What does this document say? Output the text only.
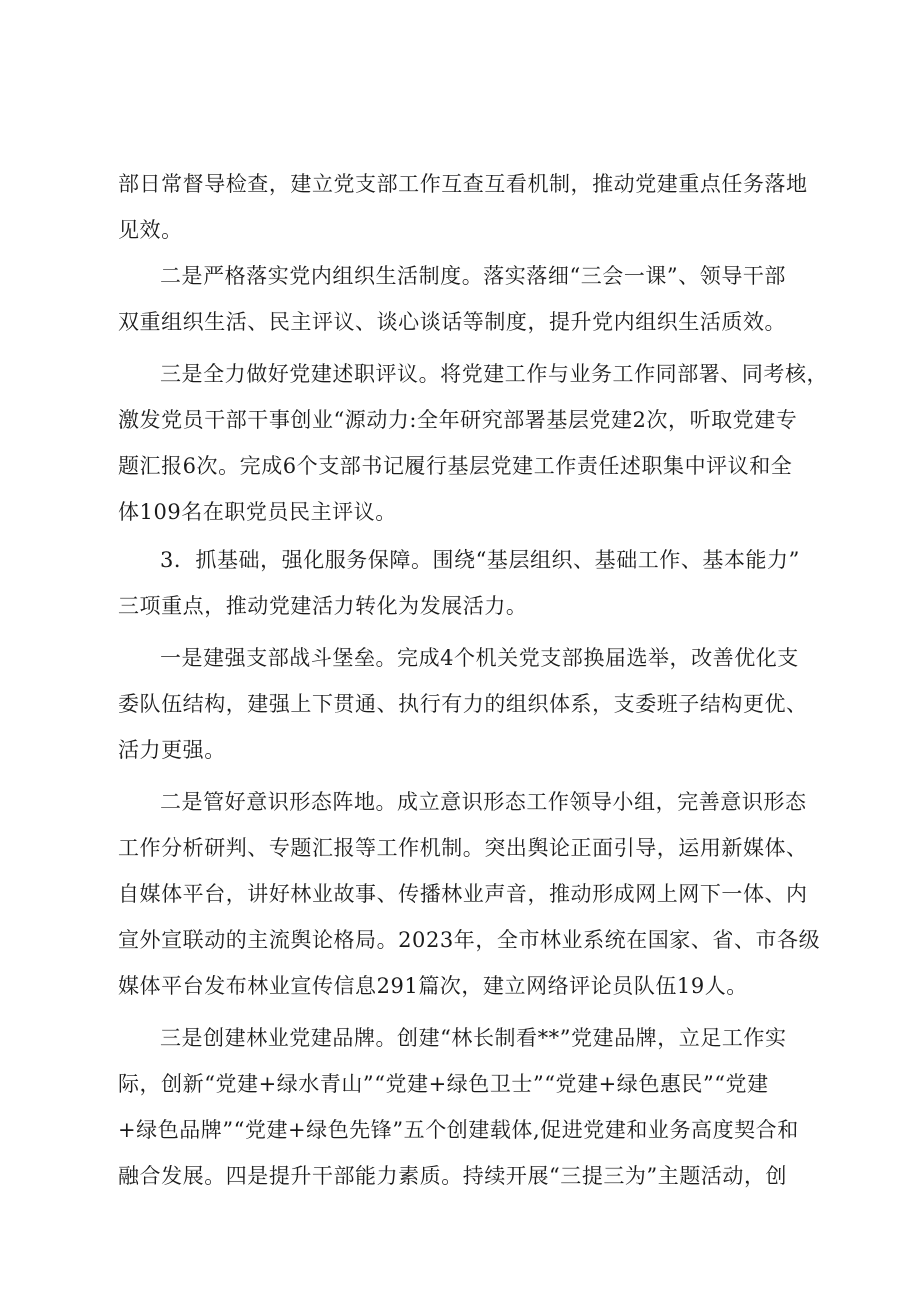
部日常督导检查，建立党支部工作互查互看机制，推动党建重点任务落地

见效。

二是严格落实党内组织生活制度。落实落细“三会一课”、领导干部

双重组织生活、民主评议、谈心谈话等制度，提升党内组织生活质效。

三是全力做好党建述职评议。将党建工作与业务工作同部署、同考核，

激发党员干部干事创业“源动力:全年研究部署基层党建2次，听取党建专

题汇报6次。完成6个支部书记履行基层党建工作责任述职集中评议和全

体109名在职党员民主评议。

3．抓基础，强化服务保障。围绕“基层组织、基础工作、基本能力”

三项重点，推动党建活力转化为发展活力。

一是建强支部战斗堡垒。完成4个机关党支部换届选举，改善优化支

委队伍结构，建强上下贯通、执行有力的组织体系，支委班子结构更优、

活力更强。

二是管好意识形态阵地。成立意识形态工作领导小组，完善意识形态

工作分析研判、专题汇报等工作机制。突出舆论正面引导，运用新媒体、

自媒体平台，讲好林业故事、传播林业声音，推动形成网上网下一体、内

宣外宣联动的主流舆论格局。2023年，全市林业系统在国家、省、市各级

媒体平台发布林业宣传信息291篇次，建立网络评论员队伍19人。

三是创建林业党建品牌。创建“林长制看**”党建品牌，立足工作实

际，创新“党建+绿水青山”“党建+绿色卫士”“党建+绿色惠民”“党建

+绿色品牌”“党建+绿色先锋”五个创建载体,促进党建和业务高度契合和

融合发展。四是提升干部能力素质。持续开展“三提三为”主题活动，创
